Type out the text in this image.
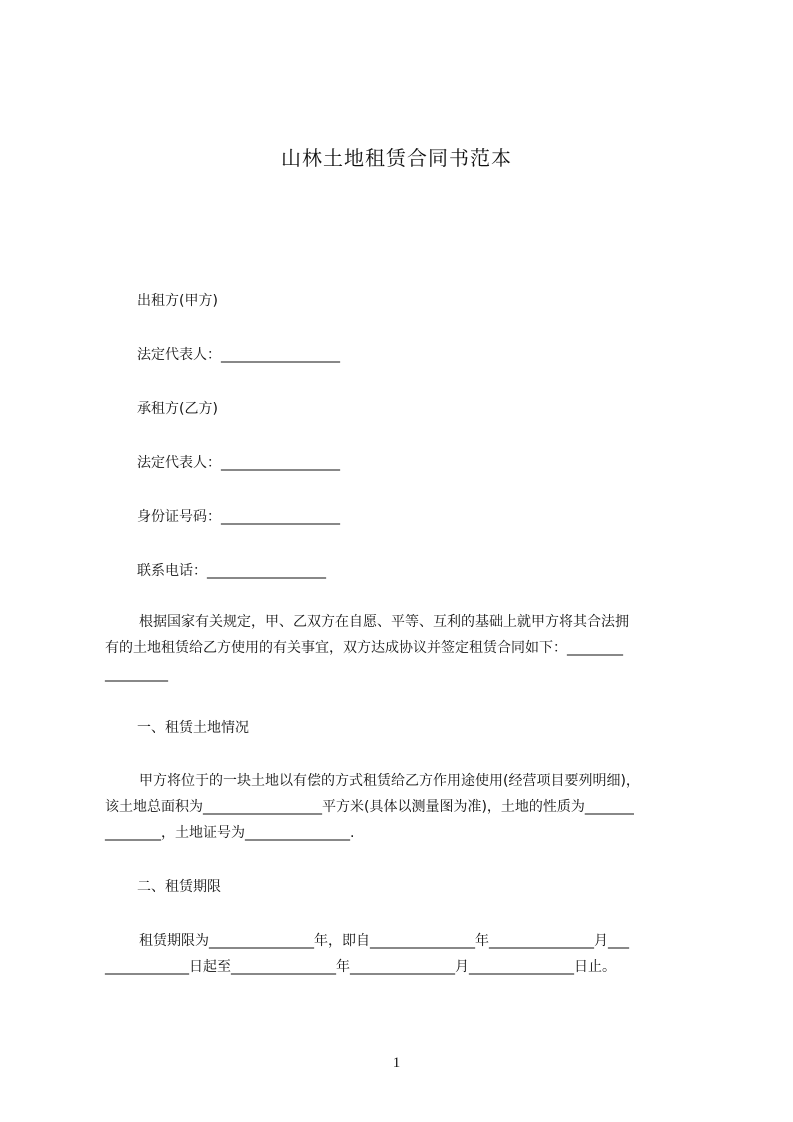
山林土地租赁合同书范本
出租方(甲方)
法定代表人：_________________
承租方(乙方)
法定代表人：_________________
身份证号码：_________________
联系电话：_________________
根据国家有关规定，甲、乙双方在自愿、平等、互利的基础上就甲方将其合法拥
有的土地租赁给乙方使用的有关事宜，双方达成协议并签定租赁合同如下：________
_________
一、租赁土地情况
甲方将位于的一块土地以有偿的方式租赁给乙方作用途使用(经营项目要列明细)，
该土地总面积为_________________平方米(具体以测量图为准)，土地的性质为_______
________，土地证号为_______________.
二、租赁期限
租赁期限为_______________年，即自_______________年_______________月___
____________日起至_______________年_______________月_______________日止。
1
